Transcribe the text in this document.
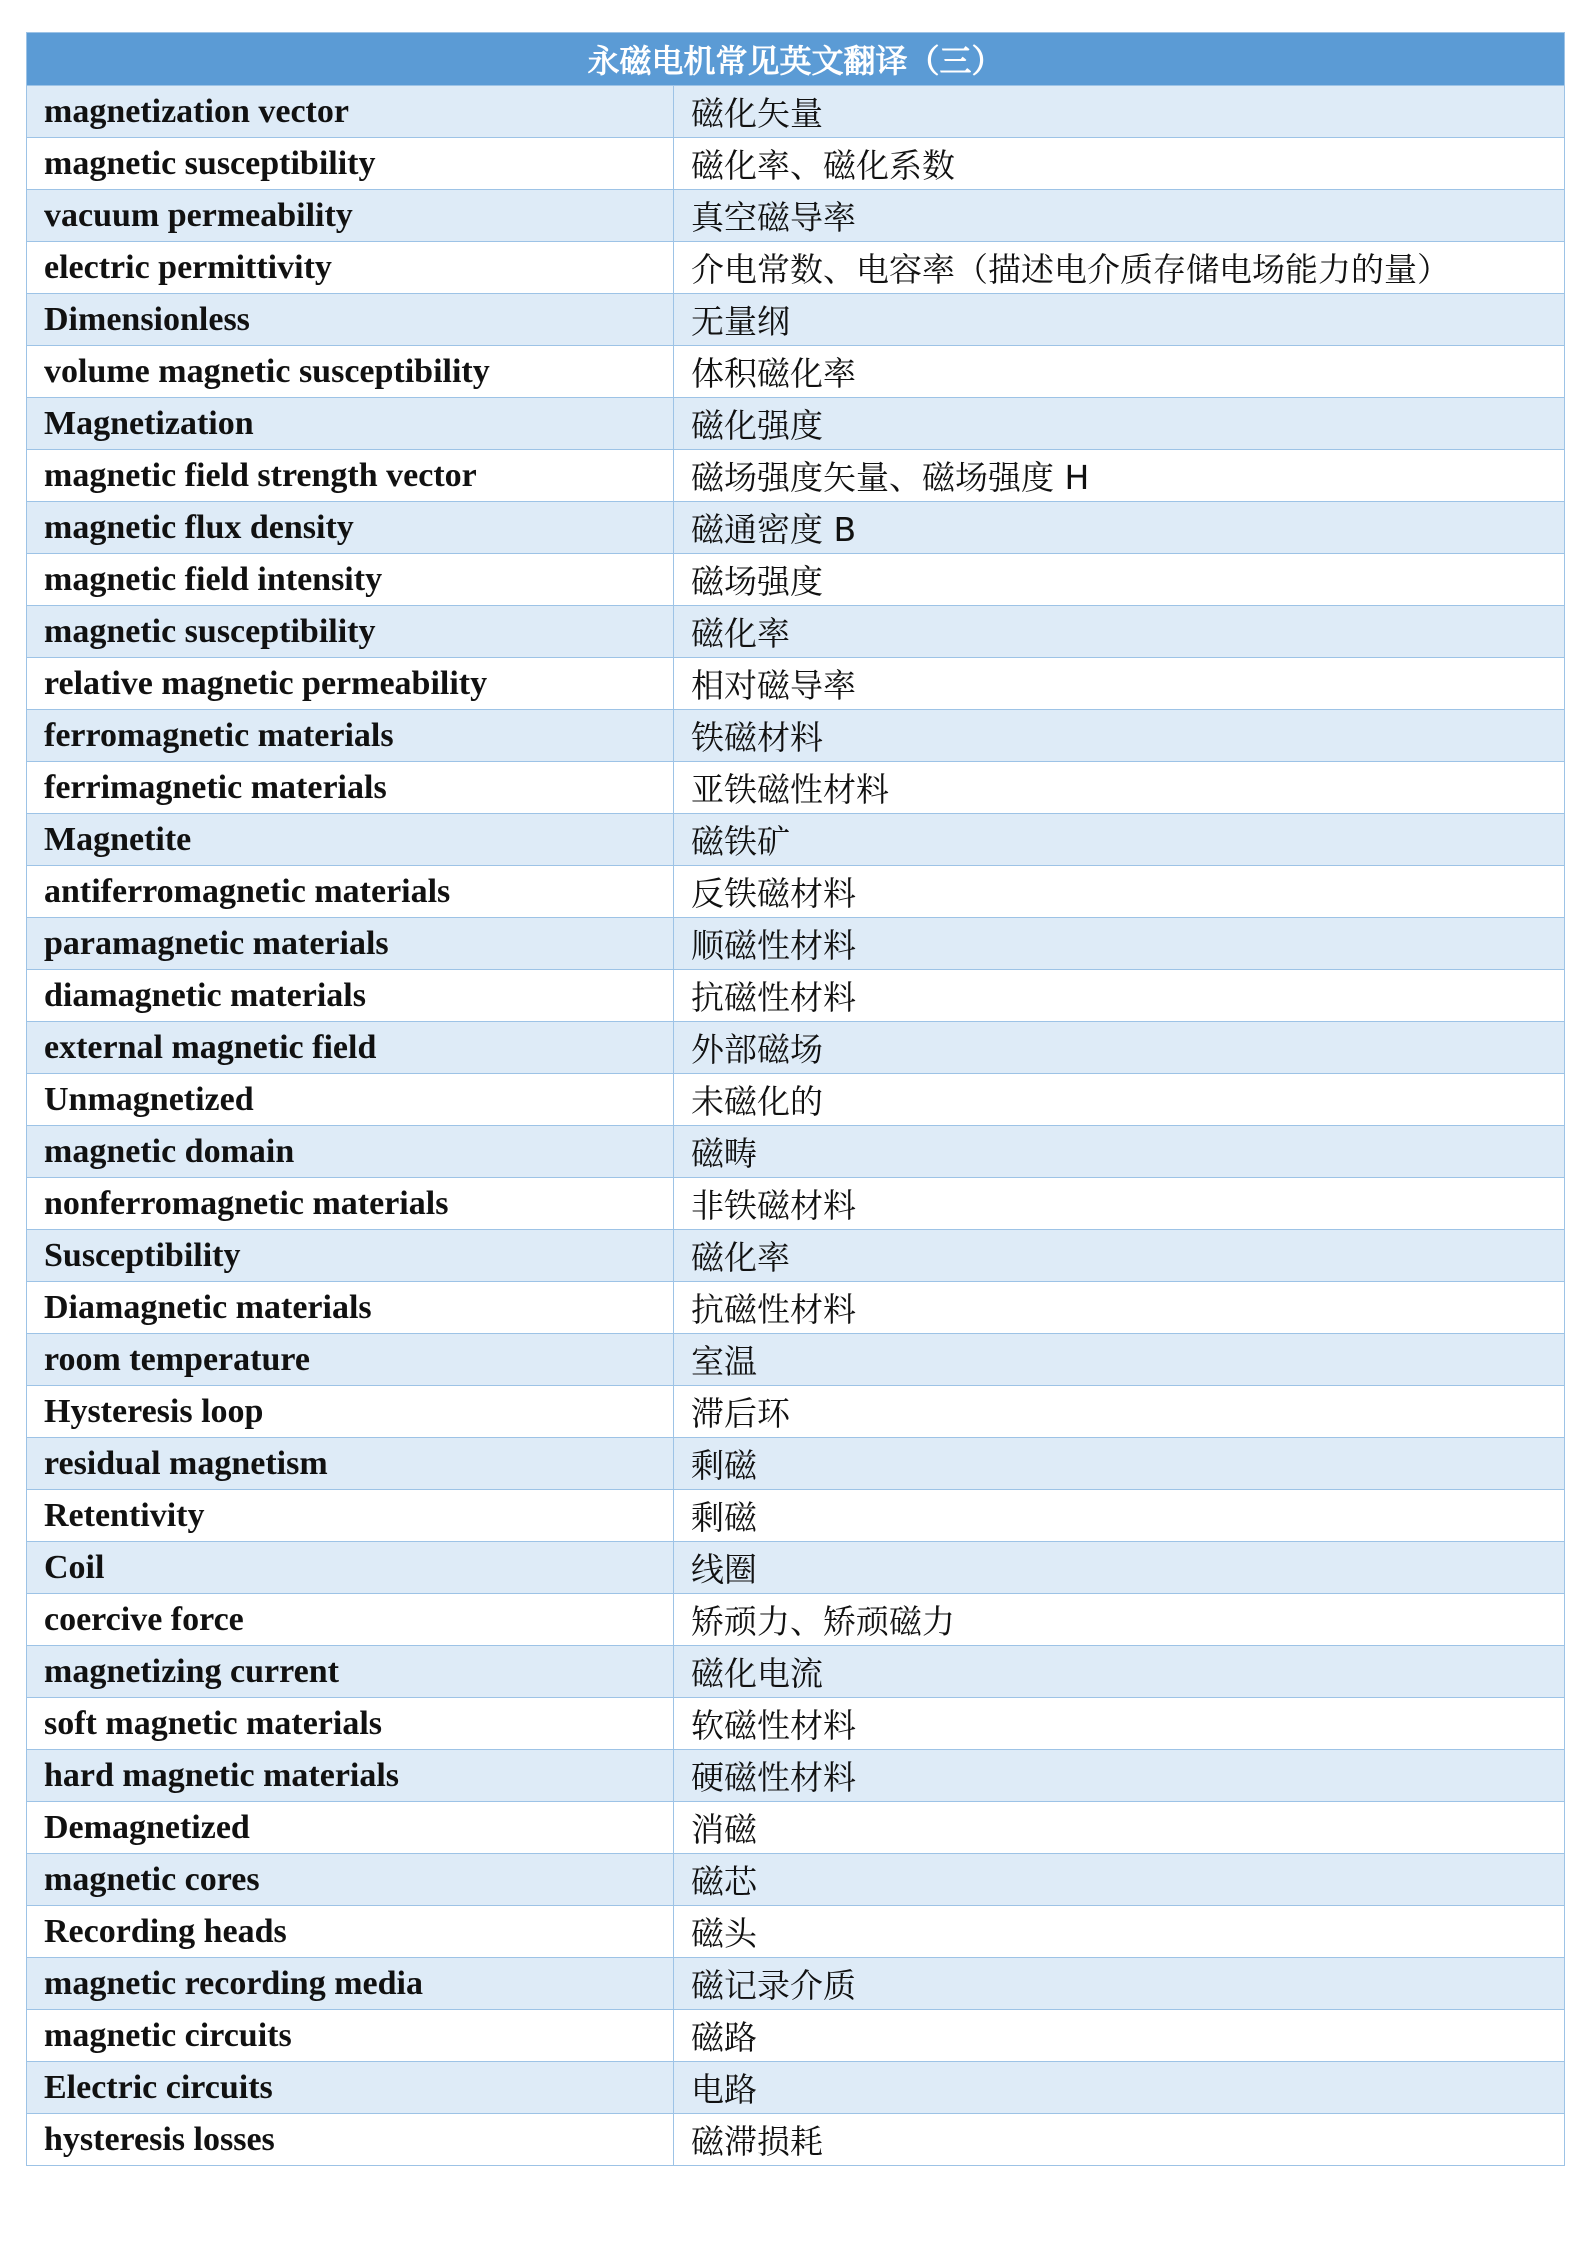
永磁电机常见英文翻译（三）	
magnetization vector	磁化矢量
magnetic susceptibility	磁化率、磁化系数
vacuum permeability	真空磁导率
electric permittivity	介电常数、电容率（描述电介质存储电场能力的量）
Dimensionless	无量纲
volume magnetic susceptibility	体积磁化率
Magnetization	磁化强度
magnetic field strength vector	磁场强度矢量、磁场强度 H
magnetic flux density	磁通密度 B
magnetic field intensity	磁场强度
magnetic susceptibility	磁化率
relative magnetic permeability	相对磁导率
ferromagnetic materials	铁磁材料
ferrimagnetic materials	亚铁磁性材料
Magnetite	磁铁矿
antiferromagnetic materials	反铁磁材料
paramagnetic materials	顺磁性材料
diamagnetic materials	抗磁性材料
external magnetic field	外部磁场
Unmagnetized	未磁化的
magnetic domain	磁畴
nonferromagnetic materials	非铁磁材料
Susceptibility	磁化率
Diamagnetic materials	抗磁性材料
room temperature	室温
Hysteresis loop	滞后环
residual magnetism	剩磁
Retentivity	剩磁
Coil	线圈
coercive force	矫顽力、矫顽磁力
magnetizing current	磁化电流
soft magnetic materials	软磁性材料
hard magnetic materials	硬磁性材料
Demagnetized	消磁
magnetic cores	磁芯
Recording heads	磁头
magnetic recording media	磁记录介质
magnetic circuits	磁路
Electric circuits	电路
hysteresis losses	磁滞损耗
